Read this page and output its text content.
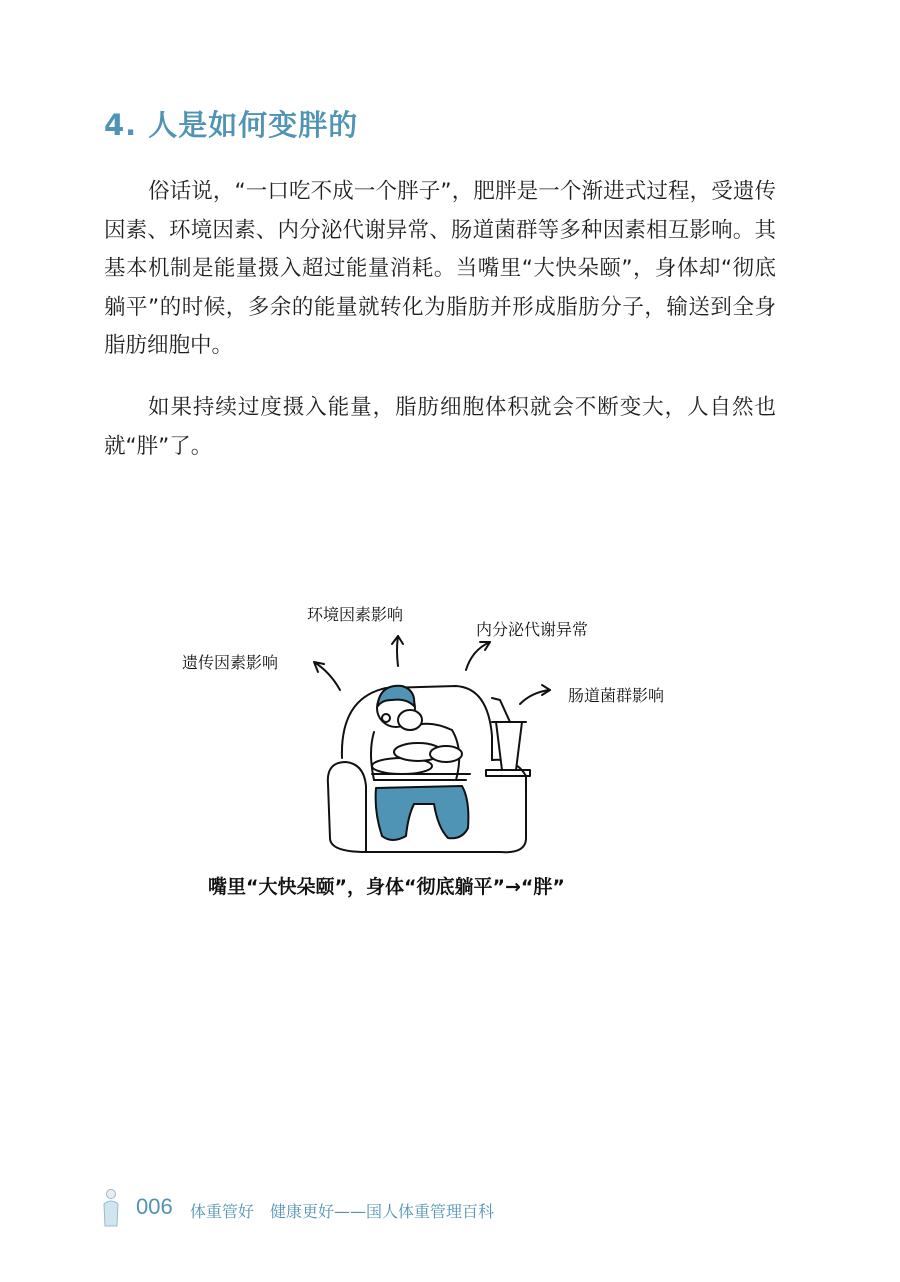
4. 人是如何变胖的

俗话说，“一口吃不成一个胖子”，肥胖是一个渐进式过程，受遗传因素、环境因素、内分泌代谢异常、肠道菌群等多种因素相互影响。其基本机制是能量摄入超过能量消耗。当嘴里“大快朵颐”，身体却“彻底躺平”的时候，多余的能量就转化为脂肪并形成脂肪分子，输送到全身脂肪细胞中。

如果持续过度摄入能量，脂肪细胞体积就会不断变大，人自然也就“胖”了。

遗传因素影响
环境因素影响
内分泌代谢异常
肠道菌群影响
嘴里“大快朵颐”，身体“彻底躺平”→“胖”
006 体重管好　健康更好——国人体重管理百科
